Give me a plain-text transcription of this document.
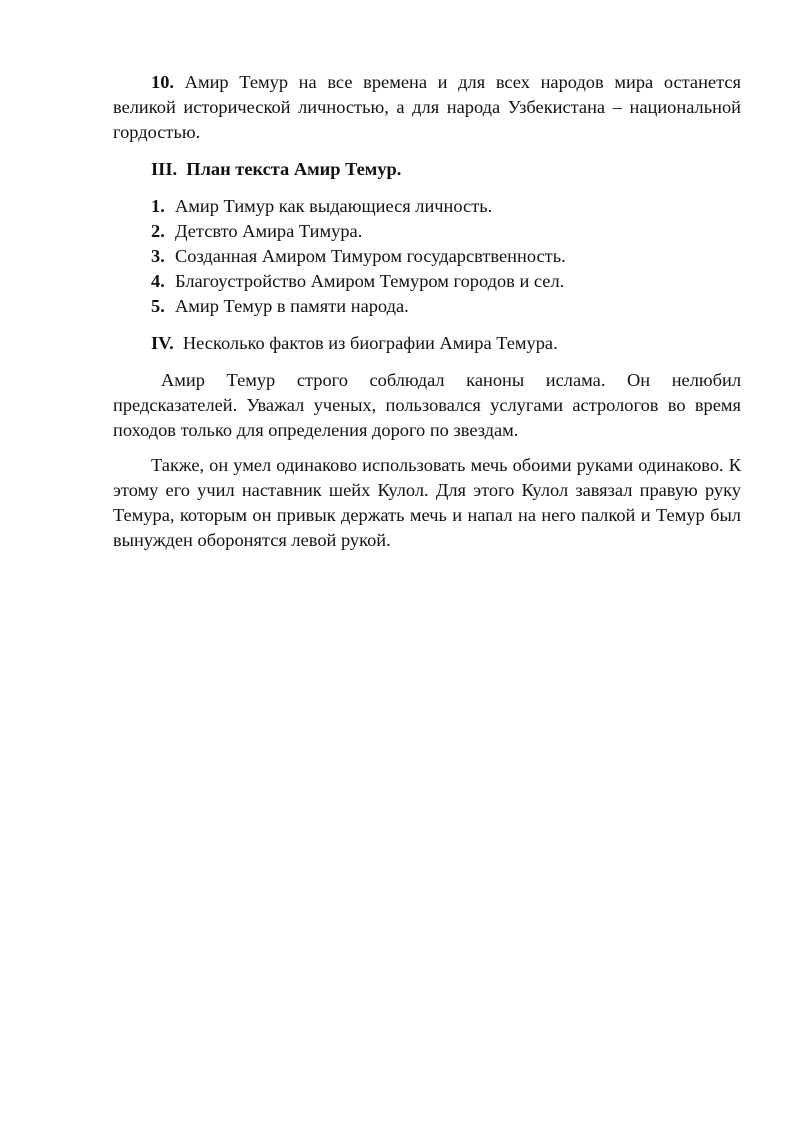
10. Амир Темур на все времена и для всех народов мира останется великой исторической личностью, а для народа Узбекистана – национальной гордостью.

III. План текста Амир Темур.

1. Амир Тимур как выдающиеся личность.
2. Детсвто Амира Тимура.
3. Созданная Амиром Тимуром государсвтвенность.
4. Благоустройство Амиром Темуром городов и сел.
5. Амир Темур в памяти народа.

IV. Несколько фактов из биографии Амира Темура.

Амир Темур строго соблюдал каноны ислама. Он нелюбил предсказателей. Уважал ученых, пользовался услугами астрологов во время походов только для определения дорого по звездам.

Также, он умел одинаково использовать мечь обоими руками одинаково. К этому его учил наставник шейх Кулол. Для этого Кулол завязал правую руку Темура, которым он привык держать мечь и напал на него палкой и Темур был вынужден оборонятся левой рукой.
